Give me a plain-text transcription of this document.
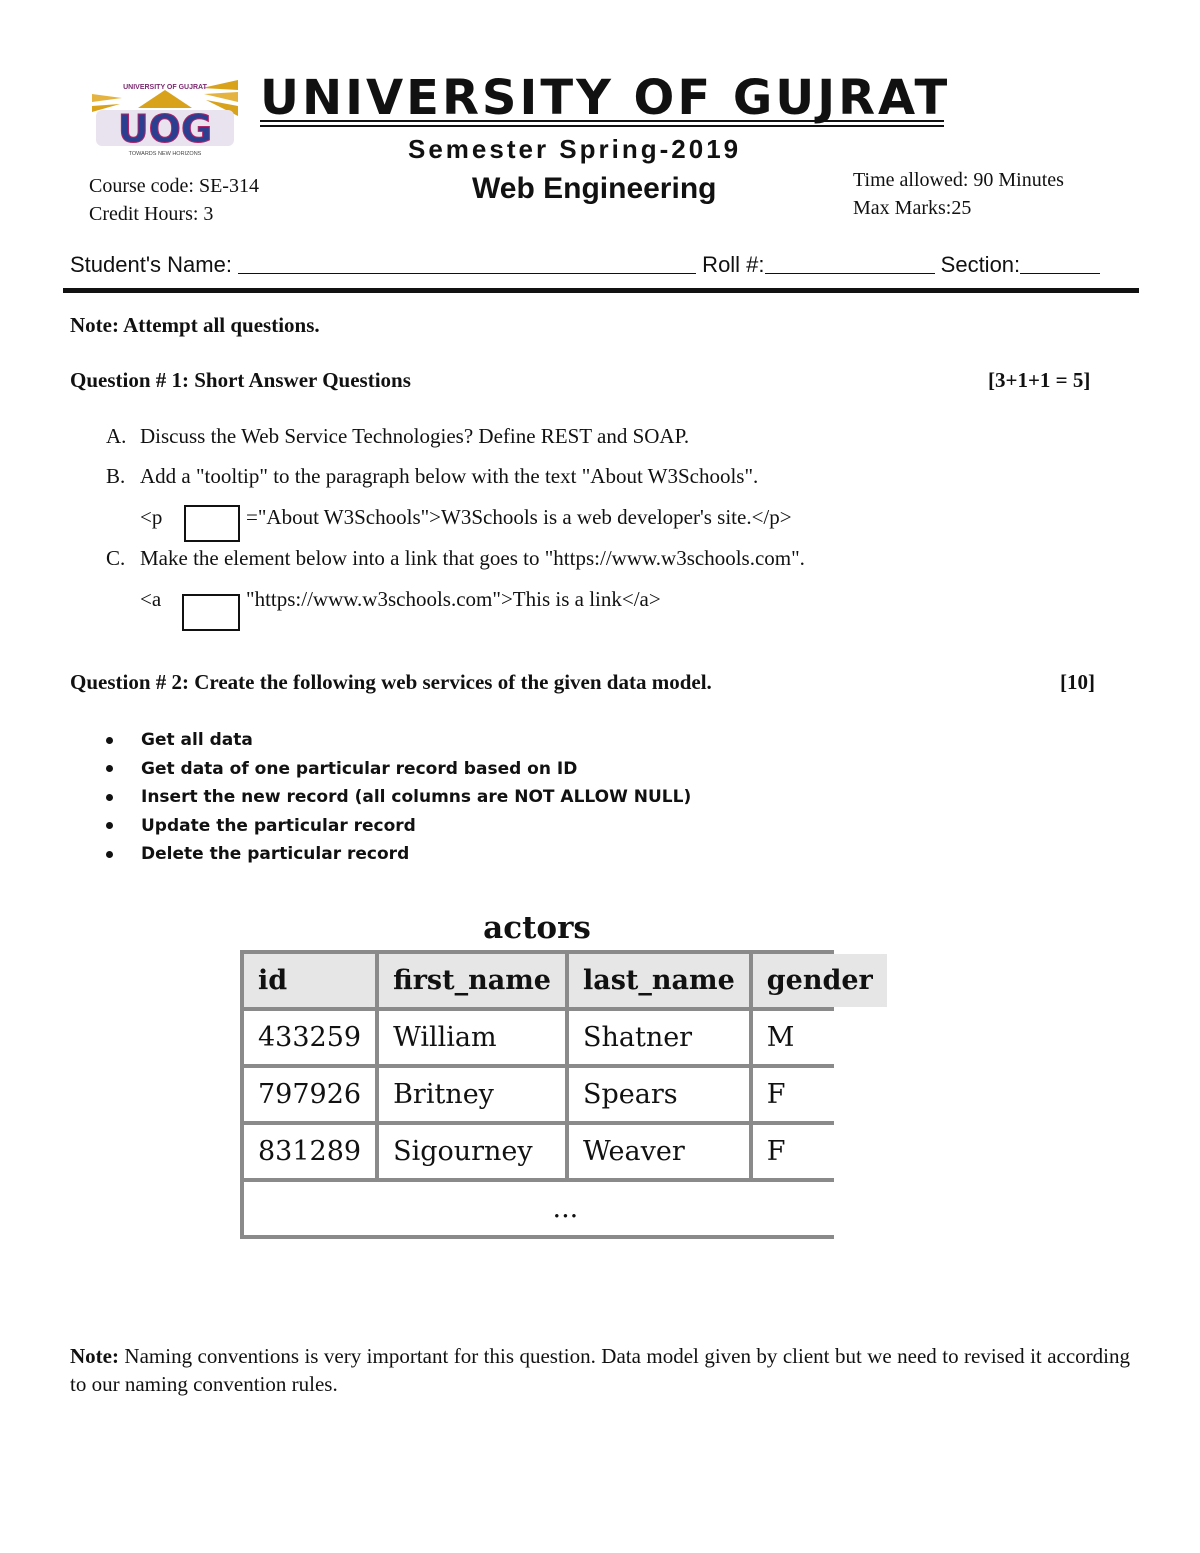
UNIVERSITY OF GUJRAT
UOG
TOWARDS NEW HORIZONS
UNIVERSITY OF GUJRAT
Semester Spring-2019
Web Engineering
Course code: SE-314
Credit Hours: 3
Time allowed: 90 Minutes
Max Marks:25
Student's Name:	Roll #:	Section:
Note: Attempt all questions.
Question # 1: Short Answer Questions	[3+1+1 = 5]
A. Discuss the Web Service Technologies? Define REST and SOAP.
B. Add a "tooltip" to the paragraph below with the text "About W3Schools".
<p	="About W3Schools">W3Schools is a web developer's site.</p>
C. Make the element below into a link that goes to "https://www.w3schools.com".
<a	"https://www.w3schools.com">This is a link</a>
Question # 2: Create the following web services of the given data model.	[10]
Get all data
Get data of one particular record based on ID
Insert the new record (all columns are NOT ALLOW NULL)
Update the particular record
Delete the particular record
actors
id	first_name	last_name	gender
433259	William	Shatner	M
797926	Britney	Spears	F
831289	Sigourney	Weaver	F
...			
Note: Naming conventions is very important for this question. Data model given by client but we need to revised it according to our naming convention rules.
